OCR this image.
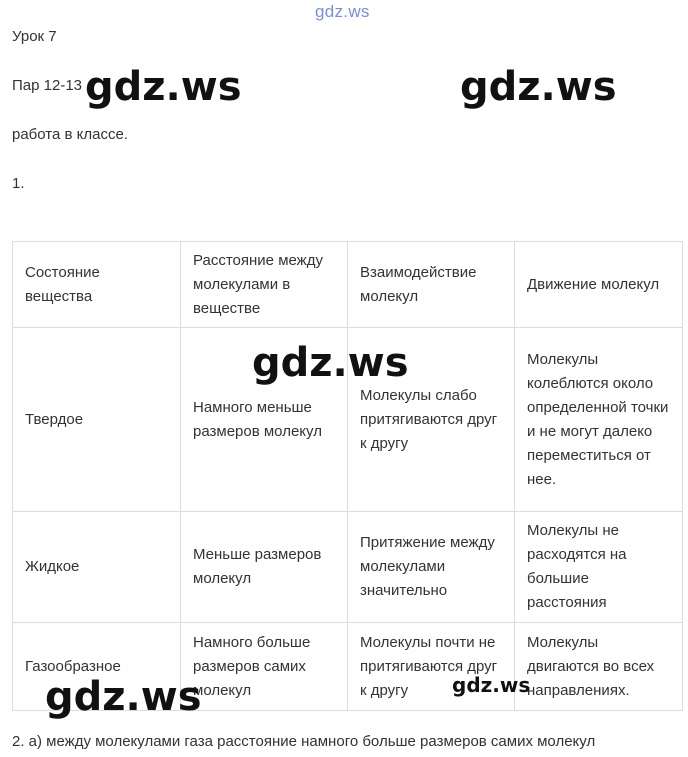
gdz.ws
Урок 7
Пар 12-13
работа в классе.
1.
Состояние вещества	Расстояние между молекулами в веществе	Взаимодействие молекул	Движение молекул
Твердое	Намного меньше размеров молекул	Молекулы слабо притягиваются друг к другу	Молекулы колеблются около определенной точки и не могут далеко переместиться от нее.
Жидкое	Меньше размеров молекул	Притяжение между молекулами значительно	Молекулы не расходятся на большие расстояния
Газообразное	Намного больше размеров самих молекул	Молекулы почти не притягиваются друг к другу	Молекулы двигаются во всех направлениях.
2. а) между молекулами газа расстояние намного больше размеров самих молекул
gdz.ws	gdz.ws
gdz.ws
gdz.ws	gdz.ws
